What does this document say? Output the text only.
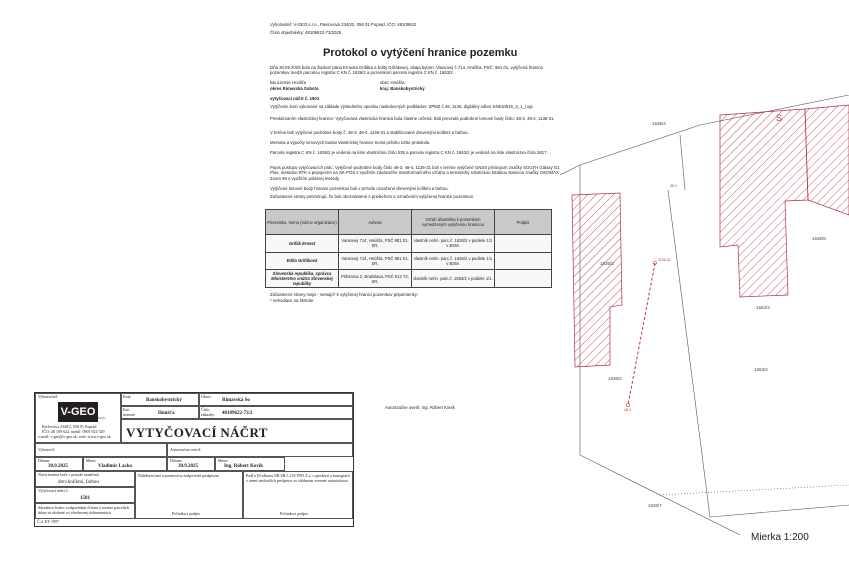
Vyhotoviteľ: V-GEO,s.r.o., Pavlovova 2340/2, 058 01 Poprad, IČO: 48109622
Číslo objednávky: 48109622-73/2025
Protokol o vytýčení hranice pozemku
Dňa 30.09.2025 bola na žiadosť pána Ernesta Grifáka a Edity Grifákovej, obaja bytom: Vansovej č.714, Hnúšťa, PSČ: 981 01, vytýčená hranica pozemkov medzi parcelou registra C KN č. 1636/2 a pozemkom parcela registra C KN č. 1653/2.
kat.územie Hnúšťa	obec Hnúšťa
okres Rimavská Sobota	kraj: Banskobystrický
vytyčovací náčrt č. 1501
Vytýčenie bolo vykonané na základe výsledneho operátu nasledovných podkladov: ZPMZ č.46, 1136, digitálny súbor KN610515_3_1_l.vgi.
Preskúmaním vlastníckej hranice: Vytyčovaná vlastnícka hranica bola čiastne určená. Boli prevzaté podrobné lomové body číslo: 48-3, 48-4, 1136-31.
V teréne boli vytýčené podrobné body č. 48-3, 48-4, 1136-31 a stabilizované drevenými kolíkmi a farbou.
Merania a výpočty lomových bodov vlastníckej hranice tvoria prílohu tohto protokolu.
Parcela registra C KN č. 1636/2 je vedená na liste vlastníctva číslo 535 a parcela registra C KN č. 1653/2 je vedená na liste vlastníctva číslo 2817.
Popis postupu vytyčovacích prác: Vytýčené podrobné body číslo 48-3, 48-4, 1136-31 boli v teréne vytýčené GNSS prístrojom značky SOUTH Galaxy G1 Plus, metódou RTK s pripojením na SK-POS s využitím záväzného transformačného vzťahu a terestricky robotickou totálnou stanicou značky GEOMAX Zoom 90 s využitím polárnej metódy.
Vytýčené lomové body hranice pozemkov boli v prírode označené drevenými kolíkmi a farbou.
Zúčastnené strany potvrdzujú, že boli oboznámené s priebehom a označením vytýčenej hranice pozemkov.
Priezvisko, meno (názov organizácie)	Adresa	Vzťah účastníka k pozemkom vymedzeným vytýčenou hranicou	Podpis
Grifák Ernest	Vansovej 714, Hnúšťa, PSČ 981 01, SR,	vlastník nehn. parc.č. 1636/2 v podiele 1/1 v BSM.	
Edita Grifáková	Vansovej 714, Hnúšťa, PSČ 981 01, SR,	vlastník nehn. parc.č. 1636/2 v podiele 1/1 v BSM.	
Slovenská republika, správca Ministerstvo vnútra Slovenskej republiky	Pribinova 2, Bratislava, PSČ 812 72, SR,	vlastník nehn. parc.č. 1653/2 v podiele 1/1.	
Zúčastnené strany majú - nemajú* k vytýčenej hranici pozemkov pripomienky:
* nehodiace sa škrtnite
Autorizačne overil: Ing. Róbert Kovík
S
1636/4
1636/3
1636/2
1653/2
1653/3
1636/6
1636/7
1136-31
48-3
48-4
Mierka 1:200
Vyhotoviteľ:
V-GEO s.r.o.
Pavlovova 2340/2, 058 01 Poprad
IČO: 48 109 622, mobil: 0905 924 529
e-mail: v-geo@v-geo.sk, web: www.v-geo.sk
Kraj:
Banskobystrický
Okres:
Rimavská So
Kat. územie:	Hnúšťa
Číslo zákazky:	48109622-73/2
VYTYČOVACÍ NÁČRT
Vyhotovil:	Autorizačne overil:
Dátum:
30.9.2025
Meno:
Vladimír Lacko
Dátum:
30.9.2025
Meno:
Ing. Róbert Kovík
Nová hranica bola v prírode označená
drev.kolíkmi, farbou
Vytyčovací náčrt č.
1501
Súradnice bodov zodpovedajú číslam a rozmer parcelách údaje sú uložené vo všeobecnej dokumentácii
Náležitosťami a presnosťou zodpovedá predpisom
Pečiatka a podpis
Podľa §9 zákona NR SR č.215/1995 Z.z. o geodézii a kartografii v znení neskorších predpisov so súhlasom overené autorizáciou
Pečiatka a podpis
Č.d. KT-1997
